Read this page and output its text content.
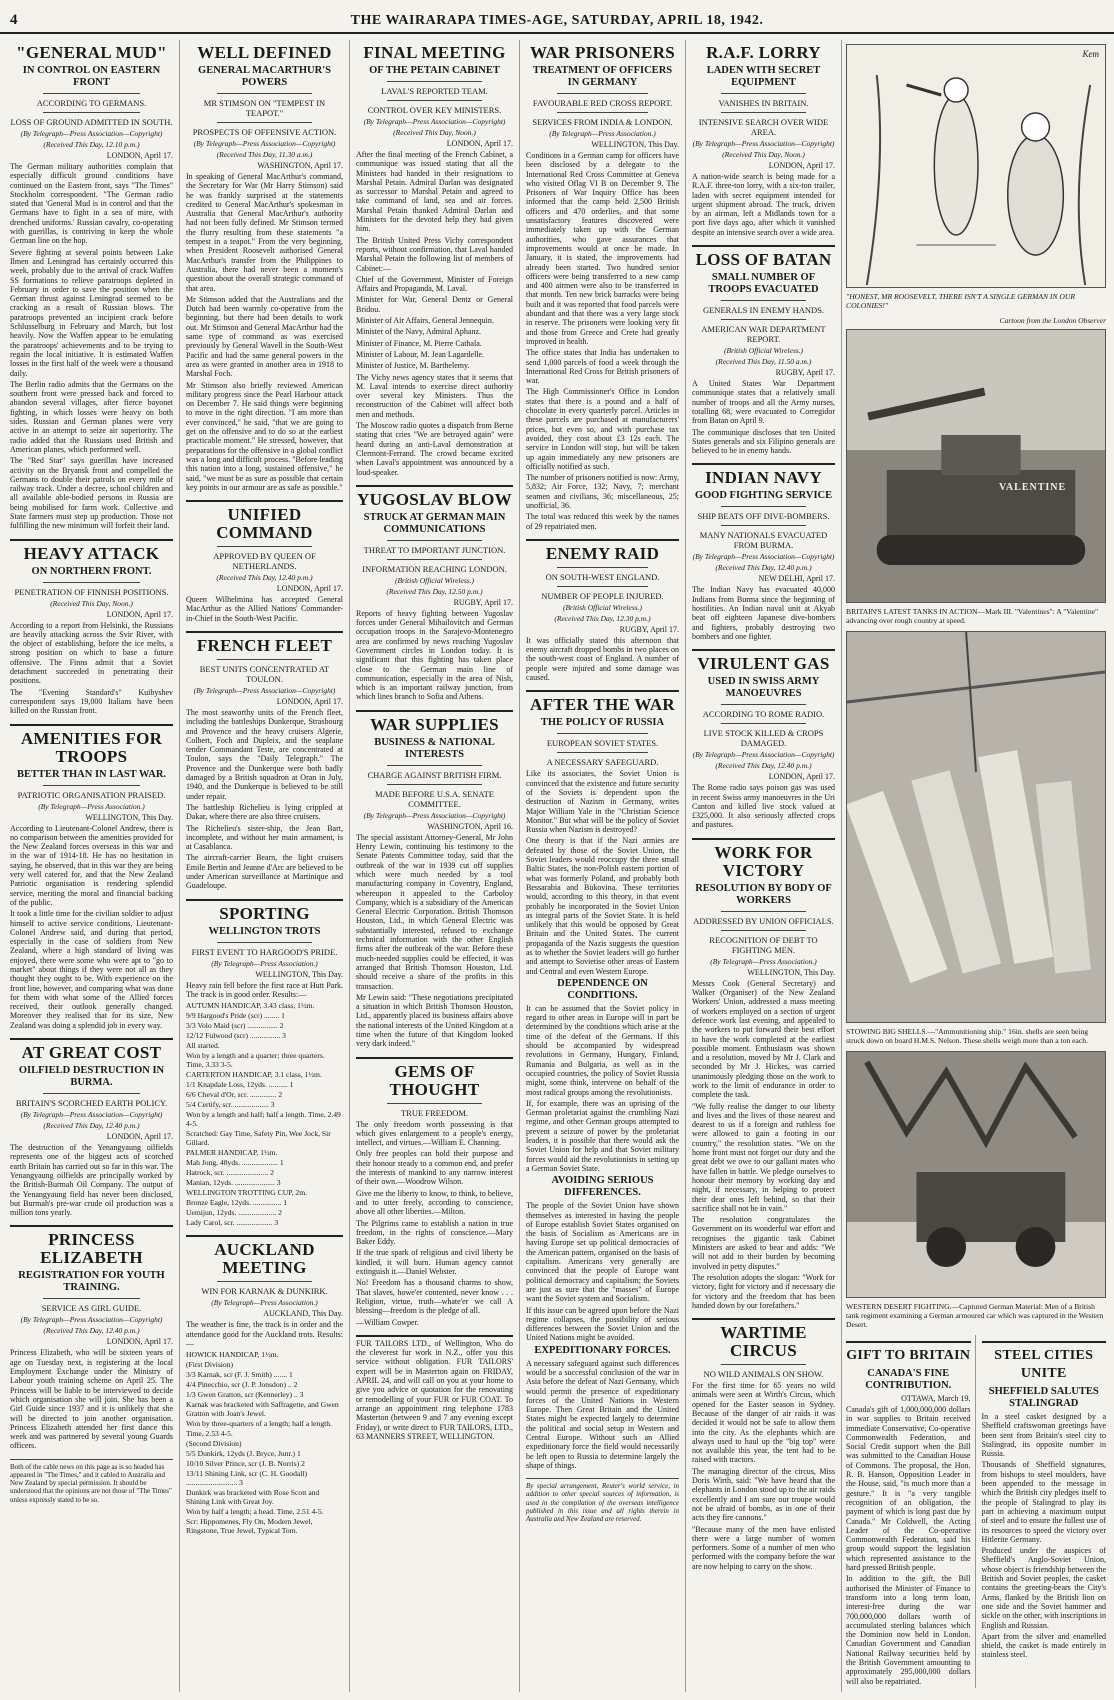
4	THE WAIRARAPA TIMES-AGE, SATURDAY, APRIL 18, 1942.
"GENERAL MUD"
IN CONTROL ON EASTERN FRONT
ACCORDING TO GERMANS.
LOSS OF GROUND ADMITTED IN SOUTH.
(By Telegraph—Press Association—Copyright)
(Received This Day, 12.10 p.m.)
LONDON, April 17.
The German military authorities complain that especially difficult ground conditions have continued on the Eastern front, says "The Times" Stockholm correspondent. "The German radio stated that 'General Mud is in control and that the Germans have to fight in a sea of mire, with drenched uniforms.' Russian cavalry, co-operating with guerillas, is contriving to keep the whole German line on the hop.
Severe fighting at several points between Lake Ilmen and Leningrad has certainly occurred this week, probably due to the arrival of crack Waffen SS formations to relieve paratroops depleted in February in order to save the position when the German thrust against Leningrad seemed to be cracking as a result of Russian blows. The paratroops prevented an incipient crack before Schlusselburg in February and March, but lost heavily. Now the Waffen appear to be emulating the paratroops' achievements and to be trying to regain the local initiative. It is estimated Waffen losses in the first half of the week were a thousand daily.
The Berlin radio admits that the Germans on the southern front were pressed back and forced to abandon several villages, after fierce bayonet fighting, in which losses were heavy on both sides. Russian and German planes were very active in an attempt to seize air superiority. The radio added that the Russians used British and American planes, which performed well.
The "Red Star" says guerillas have increased activity on the Bryansk front and compelled the Germans to double their patrols on every mile of railway track. Under a decree, school children and all available able-bodied persons in Russia are being mobilised for farm work. Collective and State farmers must step up production. Those not fulfilling the new minimum will forfeit their land.
HEAVY ATTACK
ON NORTHERN FRONT.
PENETRATION OF FINNISH POSITIONS.
(Received This Day, Noon.)
LONDON, April 17.
According to a report from Helsinki, the Russians are heavily attacking across the Svir River, with the object of establishing, before the ice melts, a strong position on which to base a future offensive. The Finns admit that a Soviet detachment succeeded in penetrating their positions.
The "Evening Standard's" Kuibyshev correspondent says 19,000 Italians have been killed on the Russian front.
AMENITIES FOR TROOPS
BETTER THAN IN LAST WAR.
PATRIOTIC ORGANISATION PRAISED.
(By Telegraph—Press Association.)
WELLINGTON, This Day.
According to Lieutenant-Colonel Andrew, there is no comparison between the amenities provided for the New Zealand forces overseas in this war and in the war of 1914-18. He has no hesitation in saying, he observed, that in this war they are being very well catered for, and that the New Zealand Patriotic organisation is rendering splendid service, meriting the moral and financial backing of the public.
It took a little time for the civilian soldier to adjust himself to active service conditions, Lieutenant-Colonel Andrew said, and during that period, especially in the case of soldiers from New Zealand, where a high standard of living was enjoyed, there were some who were apt to "go to market" about things if they were not all as they thought they ought to be. With experience on the front line, however, and comparing what was done for them with what some of the Allied forces received, their outlook generally changed. Moreover they realised that for its size, New Zealand was doing a splendid job in every way.
AT GREAT COST
OILFIELD DESTRUCTION IN BURMA.
BRITAIN'S SCORCHED EARTH POLICY.
(By Telegraph—Press Association—Copyright)
(Received This Day, 12.40 p.m.)
LONDON, April 17.
The destruction of the Yenangyaung oilfields represents one of the biggest acts of scorched earth Britain has carried out so far in this war. The Yenangyaung oilfields are principally worked by the British-Burmah Oil Company. The output of the Yenangyaung field has never been disclosed, but Burmah's pre-war crude oil production was a million tons yearly.
PRINCESS ELIZABETH
REGISTRATION FOR YOUTH TRAINING.
SERVICE AS GIRL GUIDE.
(By Telegraph—Press Association—Copyright)
(Received This Day, 12.40 p.m.)
LONDON, April 17.
Princess Elizabeth, who will be sixteen years of age on Tuesday next, is registering at the local Employment Exchange under the Ministry of Labour youth training scheme on April 25. The Princess will be liable to be interviewed to decide which organisation she will join. She has been a Girl Guide since 1937 and it is unlikely that she will be directed to join another organisation. Princess Elizabeth attended her first dance this week and was partnered by several young Guards officers.
Both of the cable news on this page as is so headed has appeared in "The Times," and it cabled to Australia and New Zealand by special permission. It should be understood that the opinions are not those of "The Times" unless expressly stated to be so.
WELL DEFINED
GENERAL MACARTHUR'S POWERS
MR STIMSON ON "TEMPEST IN TEAPOT."
PROSPECTS OF OFFENSIVE ACTION.
(By Telegraph—Press Association—Copyright)
(Received This Day, 11.30 a.m.)
WASHINGTON, April 17.
In speaking of General MacArthur's command, the Secretary for War (Mr Harry Stimson) said he was frankly surprised at the statements credited to General MacArthur's spokesman in Australia that General MacArthur's authority had not been fully defined. Mr Stimson termed the flurry resulting from these statements "a tempest in a teapot." From the very beginning, when President Roosevelt authorised General MacArthur's transfer from the Philippines to Australia, there had never been a moment's question about the overall strategic command of that area.
Mr Stimson added that the Australians and the Dutch had been warmly co-operative from the beginning, but there had been details to work out. Mr Stimson and General MacArthur had the same type of command as was exercised previously by General Wavell in the South-West Pacific and had the same general powers in the area as were granted in another area in 1918 to Marshal Foch.
Mr Stimson also briefly reviewed American military progress since the Pearl Harbour attack on December 7. He said things were beginning to move in the right direction. "I am more than ever convinced," he said, "that we are going to get on the offensive and to do so at the earliest practicable moment." He stressed, however, that preparations for the offensive in a global conflict was a long and difficult process. "Before leading this nation into a long, sustained offensive," he said, "we must be as sure as possible that certain key points in our armour are as safe as possible."
UNIFIED COMMAND
APPROVED BY QUEEN OF NETHERLANDS.
(Received This Day, 12.40 p.m.)
LONDON, April 17.
Queen Wilhelmina has accepted General MacArthur as the Allied Nations' Commander-in-Chief in the South-West Pacific.
FRENCH FLEET
BEST UNITS CONCENTRATED AT TOULON.
(By Telegraph—Press Association—Copyright)
LONDON, April 17.
The most seaworthy units of the French fleet, including the battleships Dunkerque, Strasbourg and Provence and the heavy cruisers Algerie, Colbert, Foch and Dupleix, and the seaplane tender Commandant Teste, are concentrated at Toulon, says the "Daily Telegraph." The Provence and the Dunkerque were both badly damaged by a British squadron at Oran in July, 1940, and the Dunkerque is believed to be still under repair.
The battleship Richelieu is lying crippled at Dakar, where there are also three cruisers.
The Richelieu's sister-ship, the Jean Bart, incomplete, and without her main armament, is at Casablanca.
The aircraft-carrier Bearn, the light cruisers Emile Bertin and Jeanne d'Arc are believed to be under American surveillance at Martinique and Guadeloupe.
SPORTING
WELLINGTON TROTS
FIRST EVENT TO HARGOOD'S PRIDE.
(By Telegraph—Press Association.)
WELLINGTON, This Day.
Heavy rain fell before the first race at Hutt Park. The track is in good order. Results:—
AUTUMN HANDICAP, 3.43 class, 1½m.
9/9 Hargood's Pride (scr) ........ 1
3/3 Volo Maid (scr) ................ 2
12/12 Fulwood (scr) ................ 3
All started.
Won by a length and a quarter; three quarters. Time, 3.33 3-5.
CARTERTON HANDICAP, 3.1 class, 1½m.
1/1 Knapdale Loss, 12yds. .......... 1
6/6 Cheval d'Or, scr. .............. 2
5/4 Certify, scr. .................. 3
Won by a length and half; half a length. Time, 2.49 4-5.
Scratched: Gay Time, Safety Pin, Wee Jock, Sir Gillard.
PALMER HANDICAP, 1½m.
Mah Jong, 48yds. ................... 1
Hatrock, scr. ...................... 2
Manian, 12yds. ..................... 3
WELLINGTON TROTTING CUP, 2m.
Bronze Eagle, 12yds. ............... 1
Uemijun, 12yds. .................... 2
Lady Carol, scr. ................... 3
AUCKLAND MEETING
WIN FOR KARNAK & DUNKIRK.
(By Telegraph—Press Association.)
AUCKLAND, This Day.
The weather is fine, the track is in order and the attendance good for the Auckland trots. Results:—
HOWICK HANDICAP, 1½m.
(First Division)
3/3 Karnak, scr (F. J. Smith) ....... 1
4/4 Pinecchio, scr (J. P. Jonsdon) .. 2
1/3 Gwen Gratton, scr (Kennerley) .. 3
Karnak was bracketed with Saffragette, and Gwen Gratton with Joan's Jewel.
Won by three-quarters of a length; half a length.
Time, 2.53 4-5.
(Second Division)
5/5 Dunkirk, 12yds (J. Bryce, Junr.) 1
10/10 Silver Prince, scr (J. B. Norris) 2
13/11 Shining Link, scr (C. H. Goodall) ........................... 3
Dunkirk was bracketed with Rose Scott and Shining Link with Great Joy.
Won by half a length; a head. Time, 2.51 4-5.
Scr: Hippomenes, Fly On, Modern Jewel, Ringstone, True Jewel, Typical Tom.
FINAL MEETING
OF THE PETAIN CABINET
LAVAL'S REPORTED TEAM.
CONTROL OVER KEY MINISTERS.
(By Telegraph—Press Association—Copyright)
(Received This Day, Noon.)
LONDON, April 17.
After the final meeting of the French Cabinet, a communique was issued stating that all the Ministers had handed in their resignations to Marshal Petain. Admiral Darlan was designated as successor to Marshal Petain and agreed to take command of land, sea and air forces. Marshal Petain thanked Admiral Darlan and Ministers for the devoted help they had given him.
The British United Press Vichy correspondent reports, without confirmation, that Laval handed Marshal Petain the following list of members of Cabinet:—
Chief of the Government, Minister of Foreign Affairs and Propaganda, M. Laval.
Minister for War, General Dentz or General Bridou.
Minister of Air Affairs, General Jennequin.
Minister of the Navy, Admiral Aphanz.
Minister of Finance, M. Pierre Cathala.
Minister of Labour, M. Jean Lagardelle.
Minister of Justice, M. Barthelemy.
The Vichy news agency states that it seems that M. Laval intends to exercise direct authority over several key Ministers. Thus the reconstruction of the Cabinet will affect both men and methods.
The Moscow radio quotes a dispatch from Berne stating that cries "We are betrayed again" were heard during an anti-Laval demonstration at Clermont-Ferrand. The crowd became excited when Laval's appointment was announced by a loud-speaker.
YUGOSLAV BLOW
STRUCK AT GERMAN MAIN COMMUNICATIONS
THREAT TO IMPORTANT JUNCTION.
INFORMATION REACHING LONDON.
(British Official Wireless.)
(Received This Day, 12.50 p.m.)
RUGBY, April 17.
Reports of heavy fighting between Yugoslav forces under General Mihailovitch and German occupation troops in the Sarajevo-Montenegro area are confirmed by news reaching Yugoslav Government circles in London today. It is significant that this fighting has taken place close to the German main line of communication, especially in the area of Nish, which is an important railway junction, from which lines branch to Sofia and Athens.
WAR SUPPLIES
BUSINESS & NATIONAL INTERESTS
CHARGE AGAINST BRITISH FIRM.
MADE BEFORE U.S.A. SENATE COMMITTEE.
(By Telegraph—Press Association—Copyright)
WASHINGTON, April 16.
The special assistant Attorney-General, Mr John Henry Lewin, continuing his testimony to the Senate Patents Committee today, said that the outbreak of the war in 1939 cut off supplies which were much needed by a tool manufacturing company in Coventry, England, whereupon it appealed to the Carboloy Company, which is a subsidiary of the American General Electric Corporation. British Thomson Houston, Ltd., in which General Electric was substantially interested, refused to exchange technical information with the other English firms after the outbreak of the war. Before these much-needed supplies could be effected, it was arranged that British Thomson Houston, Ltd. should receive a share of the profits in this transaction.
Mr Lewin said: "These negotiations precipitated a situation in which British Thomson Houston, Ltd., apparently placed its business affairs above the national interests of the United Kingdom at a time when the future of that Kingdom looked very dark indeed."
GEMS OF THOUGHT
TRUE FREEDOM.
The only freedom worth possessing is that which gives enlargement to a people's energy, intellect, and virtues.—William E. Channing.
Only free peoples can hold their purpose and their honour steady to a common end, and prefer the interests of mankind to any narrow interest of their own.—Woodrow Wilson.
Give me the liberty to know, to think, to believe, and to utter freely, according to conscience, above all other liberties.—Milton.
The Pilgrims came to establish a nation in true freedom, in the rights of conscience.—Mary Baker Eddy.
If the true spark of religious and civil liberty be kindled, it will burn. Human agency cannot extinguish it.—Daniel Webster.
No! Freedom has a thousand charms to show, That slaves, howe'er contented, never know . . . Religion, virtue, truth—whate'er we call A blessing—freedom is the pledge of all.
—William Cowper.
FUR TAILORS LTD., of Wellington, Who do the cleverest fur work in N.Z., offer you this service without obligation. FUR TAILORS' expert will be in Masterton again on FRIDAY, APRIL 24, and will call on you at your home to give you advice or quotation for the renovating or remodelling of your FUR or FUR COAT. To arrange an appointment ring telephone 1783 Masterton (between 9 and 7 any evening except Friday), or write direct to FUR TAILORS, LTD., 63 MANNERS STREET, WELLINGTON.
WAR PRISONERS
TREATMENT OF OFFICERS IN GERMANY
FAVOURABLE RED CROSS REPORT.
SERVICES FROM INDIA & LONDON.
(By Telegraph—Press Association.)
WELLINGTON, This Day.
Conditions in a German camp for officers have been disclosed by a delegate to the International Red Cross Committee at Geneva who visited Oflag VI B on December 9. The Prisoners of War Inquiry Office has been informed that the camp held 2,500 British officers and 470 orderlies, and that some unsatisfactory features discovered were immediately taken up with the German authorities, who gave assurances that improvements would at once be made. In January, it is stated, the improvements had already been started. Two hundred senior officers were being transferred to a new camp and 400 airmen were also to be transferred in that month. Ten new brick barracks were being built and it was reported that food parcels were abundant and that there was a very large stock in reserve. The prisoners were looking very fit and those from Greece and Crete had greatly improved in health.
The office states that India has undertaken to send 1,000 parcels of food a week through the International Red Cross for British prisoners of war.
The High Commissioner's Office in London states that there is a pound and a half of chocolate in every quarterly parcel. Articles in these parcels are purchased at manufacturers' prices, but even so, and with purchase tax avoided, they cost about £3 12s each. The service in London will stop, but will be taken up again immediately any new prisoners are officially notified as such.
The number of prisoners notified is now: Army, 5,832; Air Force, 132; Navy, 7; merchant seamen and civilians, 36; miscellaneous, 25; unofficial, 36.
The total was reduced this week by the names of 29 repatriated men.
ENEMY RAID
ON SOUTH-WEST ENGLAND.
NUMBER OF PEOPLE INJURED.
(British Official Wireless.)
(Received This Day, 12.30 p.m.)
RUGBY, April 17.
It was officially stated this afternoon that enemy aircraft dropped bombs in two places on the south-west coast of England. A number of people were injured and some damage was caused.
AFTER THE WAR
THE POLICY OF RUSSIA
EUROPEAN SOVIET STATES.
A NECESSARY SAFEGUARD.
Like its associates, the Soviet Union is convinced that the existence and future security of the Soviets is dependent upon the destruction of Nazism in Germany, writes Major William Yale in the "Christian Science Monitor." But what will be the policy of Soviet Russia when Nazism is destroyed?
One theory is that if the Nazi armies are defeated by those of the Soviet Union, the Soviet leaders would reoccupy the three small Baltic States, the non-Polish eastern portion of what was formerly Poland, and probably both Bessarabia and Bukovina. These territories would, according to this theory, in that event probably be incorporated in the Soviet Union as integral parts of the Soviet State. It is held unlikely that this would be opposed by Great Britain and the United States. The current propaganda of the Nazis suggests the question as to whether the Soviet leaders will go further and attempt to Sovietise other areas of Eastern and Central and even Western Europe.
DEPENDENCE ON CONDITIONS.
It can be assumed that the Soviet policy in regard to other areas in Europe will in part be determined by the conditions which arise at the time of the defeat of the Germans. If this should be accompanied by widespread revolutions in Germany, Hungary, Finland, Rumania and Bulgaria, as well as in the occupied countries, the policy of Soviet Russia might, some think, intervene on behalf of the most radical groups among the revolutionists.
If, for example, there was an uprising of the German proletariat against the crumbling Nazi regime, and other German groups attempted to prevent a seizure of power by the proletariat leaders, it is possible that there would ask the Soviet Union for help and that Soviet military forces would aid the revolutionists in setting up a German Soviet State.
AVOIDING SERIOUS DIFFERENCES.
The people of the Soviet Union have shown themselves as interested in having the people of Europe establish Soviet States organised on the basis of Socialism as Americans are in having Europe set up political democracies of the American pattern, organised on the basis of capitalism. Americans very generally are convinced that the people of Europe want political democracy and capitalism; the Soviets are just as sure that the "masses" of Europe want the Soviet system and Socialism.
If this issue can be agreed upon before the Nazi regime collapses, the possibility of serious differences between the Soviet Union and the United Nations might be avoided.
EXPEDITIONARY FORCES.
A necessary safeguard against such differences would be a successful conclusion of the war in Asia before the defeat of Nazi Germany, which would permit the presence of expeditionary forces of the United Nations in Western Europe. Then Great Britain and the United States might be expected largely to determine the political and social setup in Western and Central Europe. Without such an Allied expeditionary force the field would necessarily be left open to Russia to determine largely the shape of things.
By special arrangement, Reuter's world service, in addition to other special sources of information, is used in the compilation of the overseas intelligence published in this issue and all rights therein in Australia and New Zealand are reserved.
R.A.F. LORRY
LADEN WITH SECRET EQUIPMENT
VANISHES IN BRITAIN.
INTENSIVE SEARCH OVER WIDE AREA.
(By Telegraph—Press Association—Copyright)
(Received This Day, Noon.)
LONDON, April 17.
A nation-wide search is being made for a R.A.F. three-ton lorry, with a six-ton trailer, laden with secret equipment intended for urgent shipment abroad. The truck, driven by an airman, left a Midlands town for a port five days ago, after which it vanished despite an intensive search over a wide area.
LOSS OF BATAN
SMALL NUMBER OF TROOPS EVACUATED
GENERALS IN ENEMY HANDS.
AMERICAN WAR DEPARTMENT REPORT.
(British Official Wireless.)
(Received This Day, 11.50 a.m.)
RUGBY, April 17.
A United States War Department communique states that a relatively small number of troops and all the Army nurses, totalling 68, were evacuated to Corregidor from Batan on April 9.
The communique discloses that ten United States generals and six Filipino generals are believed to be in enemy hands.
INDIAN NAVY
GOOD FIGHTING SERVICE
SHIP BEATS OFF DIVE-BOMBERS.
MANY NATIONALS EVACUATED FROM BURMA.
(By Telegraph—Press Association—Copyright)
(Received This Day, 12.40 p.m.)
NEW DELHI, April 17.
The Indian Navy has evacuated 40,000 Indians from Burma since the beginning of hostilities. An Indian naval unit at Akyab beat off eighteen Japanese dive-bombers and fighters, probably destroying two bombers and one fighter.
VIRULENT GAS
USED IN SWISS ARMY MANOEUVRES
ACCORDING TO ROME RADIO.
LIVE STOCK KILLED & CROPS DAMAGED.
(By Telegraph—Press Association—Copyright)
(Received This Day, 12.40 p.m.)
LONDON, April 17.
The Rome radio says poison gas was used in recent Swiss army manoeuvres in the Uri Canton and killed live stock valued at £325,000. It also seriously affected crops and pastures.
WORK FOR VICTORY
RESOLUTION BY BODY OF WORKERS
ADDRESSED BY UNION OFFICIALS.
RECOGNITION OF DEBT TO FIGHTING MEN.
(By Telegraph—Press Association.)
WELLINGTON, This Day.
Messrs Cook (General Secretary) and Walker (Organiser) of the New Zealand Workers' Union, addressed a mass meeting of workers employed on a section of urgent defence work last evening, and appealed to the workers to put forward their best effort to have the work completed at the earliest possible moment. Enthusiasm was shown and a resolution, moved by Mr J. Clark and seconded by Mr J. Hickes, was carried unanimously pledging those on the work to work to the limit of endurance in order to complete the task.
"We fully realise the danger to our liberty and lives and the lives of those nearest and dearest to us if a foreign and ruthless foe were allowed to gain a footing in our country," the resolution states. "We on the home front must not forget our duty and the great debt we owe to our gallant mates who have fallen in battle. We pledge ourselves to honour their memory by working day and night, if necessary, in helping to protect their dear ones left behind, so that their sacrifice shall not be in vain."
The resolution congratulates the Government on its wonderful war effort and recognises the gigantic task Cabinet Ministers are asked to bear and adds: "We will not add to their burden by becoming involved in petty disputes."
The resolution adopts the slogan: "Work for victory, fight for victory and if necessary die for victory and the freedom that has been handed down by our forefathers."
WARTIME CIRCUS
NO WILD ANIMALS ON SHOW.
For the first time for 65 years no wild animals were seen at Wirth's Circus, which opened for the Easter season in Sydney. Because of the danger of air raids it was decided it would not be safe to allow them into the city. As the elephants which are always used to haul up the "big top" were not available this year, the tent had to be raised with tractors.
The managing director of the circus, Miss Doris Wirth, said: "We have heard that the elephants in London stood up to the air raids excellently and I am sure our troupe would not be afraid of bombs, as in one of their acts they fire cannons."
"Because many of the men have enlisted there were a large number of women performers. Some of a number of men who performed with the company before the war are now helping to carry on the show.
Kem
"HONEST, MR ROOSEVELT, THERE ISN'T A SINGLE GERMAN IN OUR COLONIES!"
Cartoon from the London Observer
VALENTINE
BRITAIN'S LATEST TANKS IN ACTION—Mark III. "Valentines": A "Valentine" advancing over rough country at speed.
STOWING BIG SHELLS.—"Ammunitioning ship." 16in. shells are seen being struck down on board H.M.S. Nelson. These shells weigh more than a ton each.
WESTERN DESERT FIGHTING.—Captured German Material: Men of a British tank regiment examining a German armoured car which was captured in the Western Desert.
GIFT TO BRITAIN
CANADA'S FINE CONTRIBUTION.
OTTAWA, March 19.
Canada's gift of 1,000,000,000 dollars in war supplies to Britain received immediate Conservative, Co-operative Commonwealth Federation, and Social Credit support when the Bill was submitted to the Canadian House of Commons. The proposal, the Hon. R. B. Hanson, Opposition Leader in the House, said, "is much more than a gesture." It is "a very tangible recognition of an obligation, the payment of which is long past due by Canada." Mr Coldwell, the Acting Leader of the Co-operative Commonwealth Federation, said his group would support the legislation which represented assistance to the hard pressed British people.
In addition to the gift, the Bill authorised the Minister of Finance to transform into a long term loan, interest-free during the war 700,000,000 dollars worth of accumulated sterling balances which the Dominion now held in London. Canadian Government and Canadian National Railway securities held by the British Government amounting to approximately 295,000,000 dollars will also be repatriated.
STEEL CITIES UNITE
SHEFFIELD SALUTES STALINGRAD
In a steel casket designed by a Sheffield craftswoman greetings have been sent from Britain's steel city to Stalingrad, its opposite number in Russia.
Thousands of Sheffield signatures, from bishops to steel moulders, have been appended to the message in which the British city pledges itself to the people of Stalingrad to play its part in achieving a maximum output of steel and to ensure the fullest use of its resources to speed the victory over Hitlerite Germany.
Produced under the auspices of Sheffield's Anglo-Soviet Union, whose object is friendship between the British and Soviet peoples, the casket contains the greeting-bears the City's Arms, flanked by the British lion on one side and the Soviet hammer and sickle on the other, with inscriptions in English and Russian.
Apart from the silver and enamelled shield, the casket is made entirely in stainless steel.
